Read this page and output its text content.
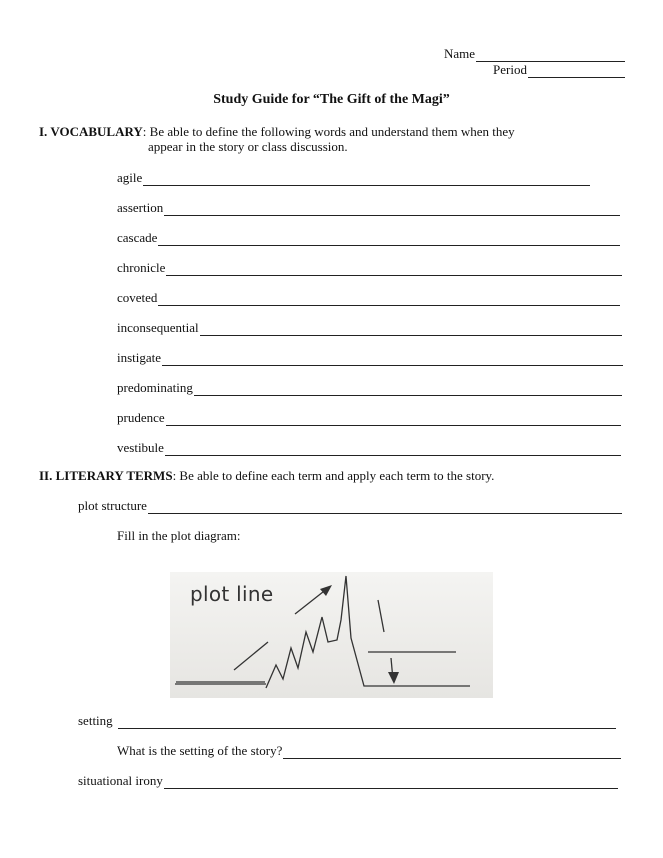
Name
Period
Study Guide for “The Gift of the Magi”
I. VOCABULARY: Be able to define the following words and understand them when they
appear in the story or class discussion.
agile
assertion
cascade
chronicle
coveted
inconsequential
instigate
predominating
prudence
vestibule
II. LITERARY TERMS: Be able to define each term and apply each term to the story.
plot structure
Fill in the plot diagram:
plot line
setting
What is the setting of the story?
situational irony
